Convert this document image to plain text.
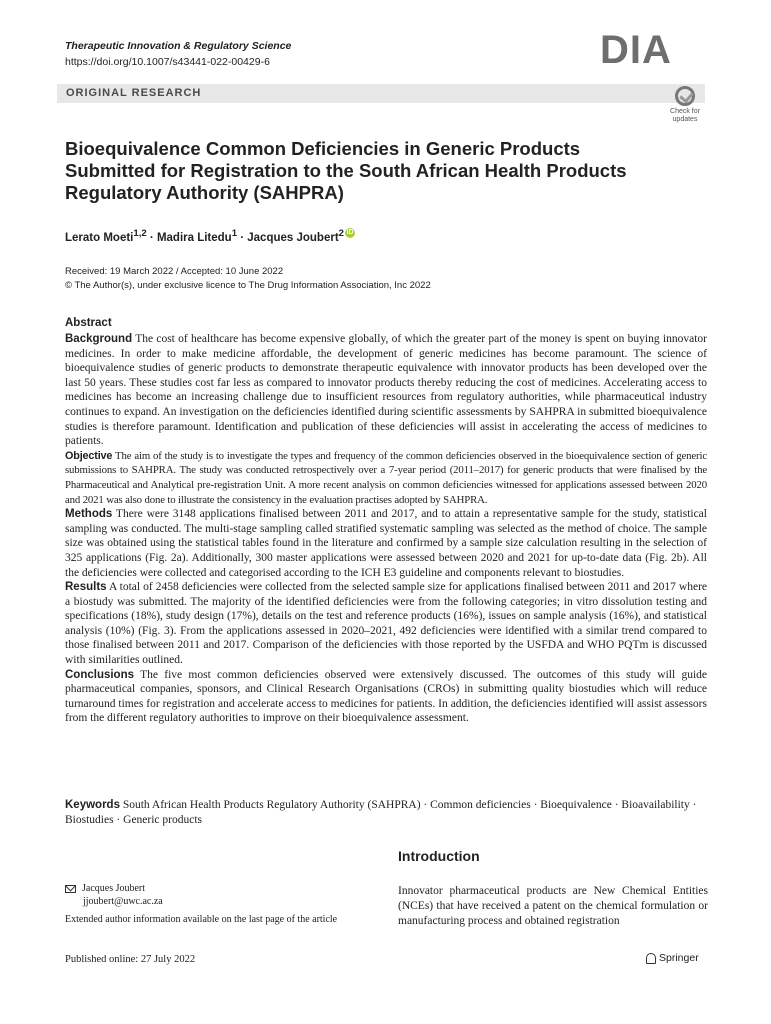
Therapeutic Innovation & Regulatory Science
https://doi.org/10.1007/s43441-022-00429-6	DIA
ORIGINAL RESEARCH
Check for
updates
Bioequivalence Common Deficiencies in Generic Products Submitted for Registration to the South African Health Products Regulatory Authority (SAHPRA)
Lerato Moeti$^{1,2}$ · Madira Litedu$^1$ · Jacques Joubert$^2$ iD
Received: 19 March 2022 / Accepted: 10 June 2022
© The Author(s), under exclusive licence to The Drug Information Association, Inc 2022
Abstract

Background The cost of healthcare has become expensive globally, of which the greater part of the money is spent on buying innovator medicines. In order to make medicine affordable, the development of generic medicines has become paramount. The science of bioequivalence studies of generic products to demonstrate therapeutic equivalence with innovator products has been developed over the last 50 years. These studies cost far less as compared to innovator products thereby reducing the cost of medicines. Accelerating access to medicines has become an increasing challenge due to insufficient resources from regulatory authorities, while pharmaceutical industry continues to expand. An investigation on the deficiencies identified during scientific assessments by SAHPRA in submitted bioequivalence studies is therefore paramount. Identification and publication of these deficiencies will assist in accelerating the access of medicines to patients.

Objective The aim of the study is to investigate the types and frequency of the common deficiencies observed in the bioequivalence section of generic submissions to SAHPRA. The study was conducted retrospectively over a 7-year period (2011–2017) for generic products that were finalised by the Pharmaceutical and Analytical pre-registration Unit. A more recent analysis on common deficiencies witnessed for applications assessed between 2020 and 2021 was also done to illustrate the consistency in the evaluation practises adopted by SAHPRA.

Methods There were 3148 applications finalised between 2011 and 2017, and to attain a representative sample for the study, statistical sampling was conducted. The multi-stage sampling called stratified systematic sampling was selected as the method of choice. The sample size was obtained using the statistical tables found in the literature and confirmed by a sample size calculation resulting in the selection of 325 applications (Fig. 2a). Additionally, 300 master applications were assessed between 2020 and 2021 for up-to-date data (Fig. 2b). All the deficiencies were collected and categorised according to the ICH E3 guideline and components relevant to biostudies.

Results A total of 2458 deficiencies were collected from the selected sample size for applications finalised between 2011 and 2017 where a biostudy was submitted. The majority of the identified deficiencies were from the following categories; in vitro dissolution testing and specifications (18%), study design (17%), details on the test and reference products (16%), issues on sample analysis (16%), and statistical analysis (10%) (Fig. 3). From the applications assessed in 2020–2021, 492 deficiencies were identified with a similar trend compared to those finalised between 2011 and 2017. Comparison of the deficiencies with those reported by the USFDA and WHO PQTm is discussed with similarities outlined.

Conclusions The five most common deficiencies observed were extensively discussed. The outcomes of this study will guide pharmaceutical companies, sponsors, and Clinical Research Organisations (CROs) in submitting quality biostudies which will reduce turnaround times for registration and accelerate access to medicines for patients. In addition, the deficiencies identified will assist assessors from the different regulatory authorities to improve on their bioequivalence assessment.

Keywords South African Health Products Regulatory Authority (SAHPRA) · Common deficiencies · Bioequivalence · Bioavailability · Biostudies · Generic products
Introduction
Jacques Joubert
jjoubert@uwc.ac.za
Extended author information available on the last page of the article
Innovator pharmaceutical products are New Chemical Entities (NCEs) that have received a patent on the chemical formulation or manufacturing process and obtained registration
Published online: 27 July 2022	Springer
